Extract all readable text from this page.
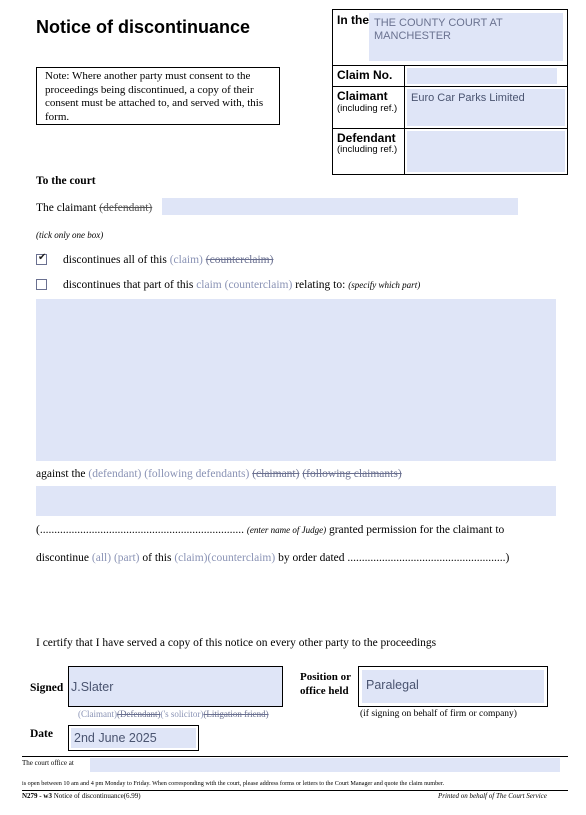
Notice of discontinuance
Note: Where another party must consent to the proceedings being discontinued, a copy of their consent must be attached to, and served with, this form.
In the THE COUNTY COURT AT MANCHESTER
Claim No.
Claimant
(including ref.)
Euro Car Parks Limited
Defendant
(including ref.)
To the court
The claimant (defendant)
(tick only one box)
✔ discontinues all of this (claim) (counterclaim)
discontinues that part of this claim (counterclaim) relating to: (specify which part)
against the (defendant) (following defendants) (claimant) (following claimants)
(....................................................................... (enter name of Judge) granted permission for the claimant to
discontinue (all) (part) of this (claim)(counterclaim) by order dated .......................................................)
I certify that I have served a copy of this notice on every other party to the proceedings
Signed J.Slater
(Claimant)(Defendant)('s solicitor)(Litigation friend)
Position or
office held	Paralegal
(if signing on behalf of firm or company)
Date 2nd June 2025
The court office at
is open between 10 am and 4 pm Monday to Friday. When corresponding with the court, please address forms or letters to the Court Manager and quote the claim number.
N279 - w3 Notice of discontinuance(6.99)	Printed on behalf of The Court Service
